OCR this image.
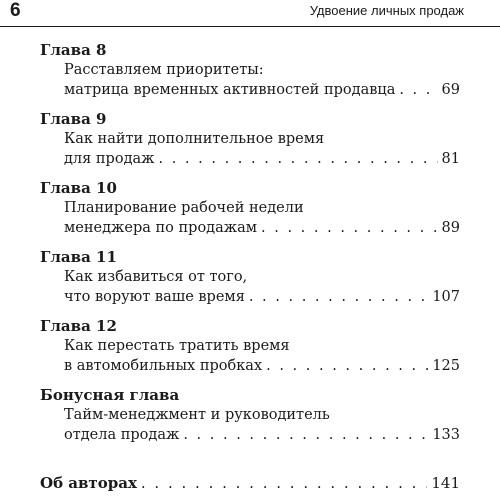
6	Удвоение личных продаж
Глава 8
Расставляем приоритеты:
матрица временных активностей продавца . . .	69
Глава 9
Как найти дополнительное время
для продаж . . .	81
Глава 10
Планирование рабочей недели
менеджера по продажам . . .	89
Глава 11
Как избавиться от того,
что воруют ваше время . . .	107
Глава 12
Как перестать тратить время
в автомобильных пробках . . .	125
Бонусная глава
Тайм-менеджмент и руководитель
отдела продаж . . .	133
Об авторах . . .	141
